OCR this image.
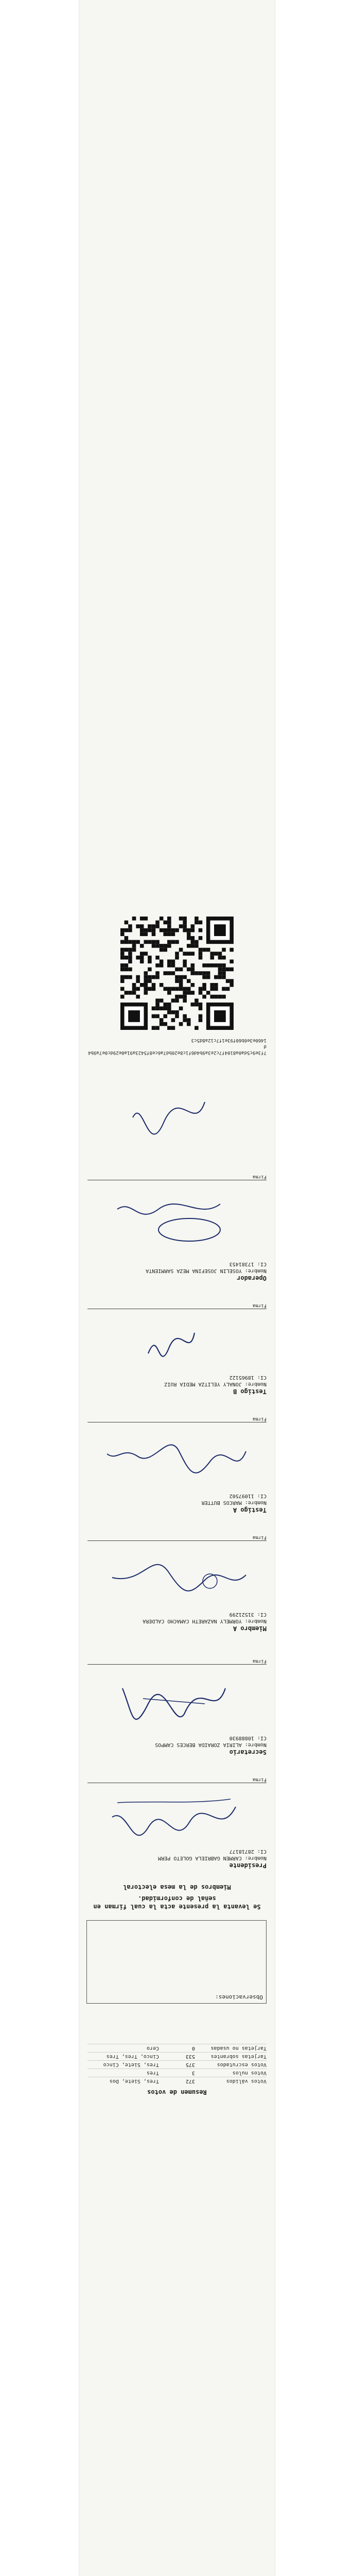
Resumen de votos
Votos válidos
372
Tres, Siete, Dos
Votos nulos
3
Tres
Votos escrutados
375
Tres, Siete, Cinco
Tarjetas sobrantes
533
Cinco, Tres, Tres
Tarjetas no usadas
0
Cero
Observaciones:
Se levanta la presente acta la cual firman en señal de conformidad.
Miembros de la mesa electoral
Presidente
Nombre: CARMEN GABRIELA GOLETO PERM
CI: 28718177
Firma
Secretario
Nombre: ALIRIA ZORAIDA BERCES CAMPOS
CI: 10888930
Firma
Miembro A
Nombre: YORMELY NAZARETH CAMACHO CALDERA
CI: 31521299
Firma
Testigo A
Nombre: MARCOS BUTTER
CI: 11097502
Firma
Testigo B
Nombre: JONALY YELITZA MEDIA RUIZ
CI: 18965122
Firma
Operador
Nombre: YOSELIN JOSEFINA MEZA SARMIENTA
CI: 17381453
Firma
7f3e9c5da0a8104f7c2e3a9b4d6f1c8e20bd7a6ce8f5423a91a0e29dc0e7a9b4d
1460e3e0b60f93e1f7c12a8d5c3
